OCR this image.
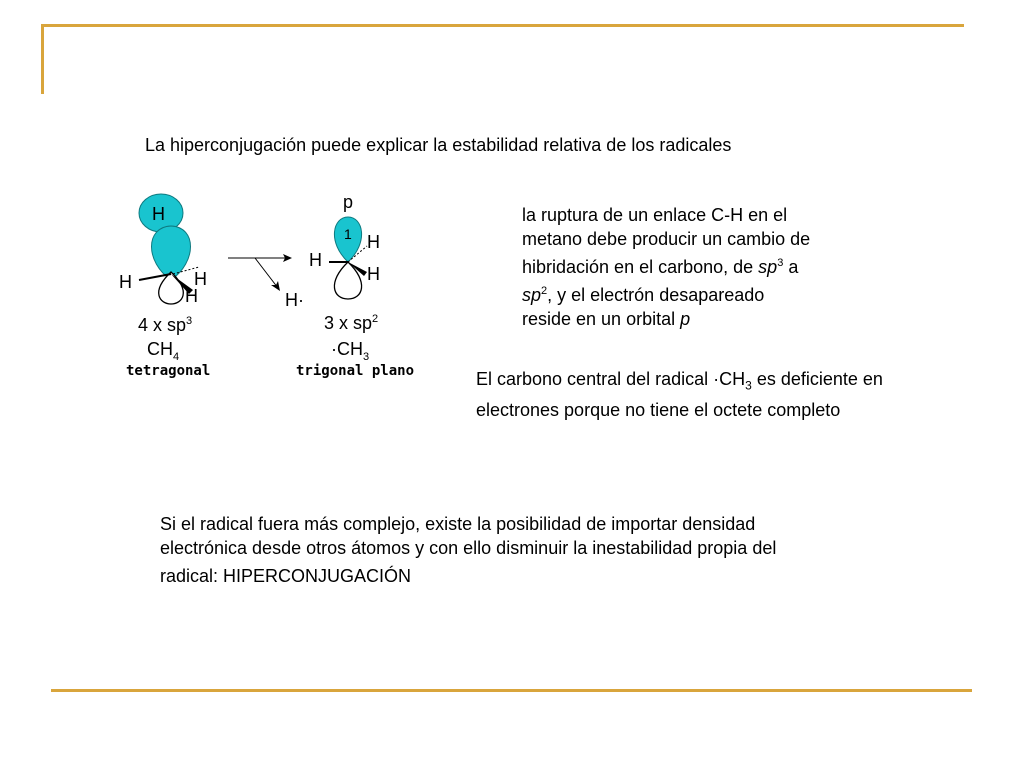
La hiperconjugación puede explicar la estabilidad relativa de los radicales

H
H	H
H
4 x $sp^3$
$CH_4$
tetragonal
H·
p
1 H
H
H
3 x $sp^2$
$\cdot CH_3$
trigonal plano
la ruptura de un enlace C-H en el
metano debe producir un cambio de
hibridación en el carbono, de $sp^3$ a
$sp^2$, y el electrón desapareado
reside en un orbital p
El carbono central del radical $\cdot CH_3$ es deficiente en
electrones porque no tiene el octete completo
Si el radical fuera más complejo, existe la posibilidad de importar densidad
electrónica desde otros átomos y con ello disminuir la inestabilidad propia del
radical: HIPERCONJUGACIÓN
